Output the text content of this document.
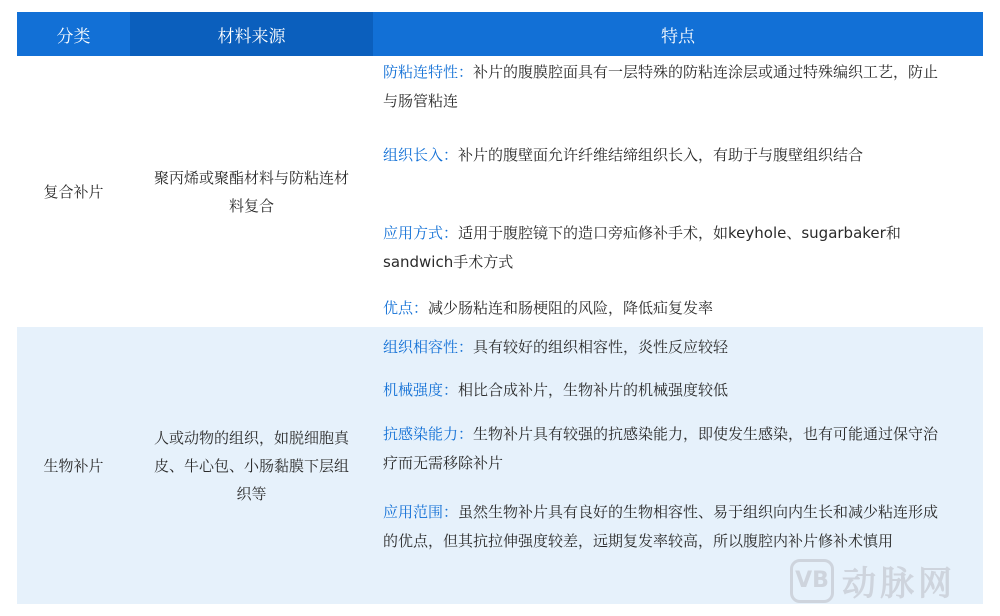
分类	材料来源	特点
复合补片
聚丙烯或聚酯材料与防粘连材料复合

防粘连特性：补片的腹膜腔面具有一层特殊的防粘连涂层或通过特殊编织工艺，防止与肠管粘连

组织长入：补片的腹壁面允许纤维结缔组织长入，有助于与腹壁组织结合

应用方式：适用于腹腔镜下的造口旁疝修补手术，如keyhole、sugarbaker和sandwich手术方式

优点：减少肠粘连和肠梗阻的风险，降低疝复发率

生物补片
人或动物的组织，如脱细胞真皮、牛心包、小肠黏膜下层组织等

组织相容性：具有较好的组织相容性，炎性反应较轻

机械强度：相比合成补片，生物补片的机械强度较低

抗感染能力：生物补片具有较强的抗感染能力，即使发生感染，也有可能通过保守治疗而无需移除补片

应用范围：虽然生物补片具有良好的生物相容性、易于组织向内生长和减少粘连形成的优点，但其抗拉伸强度较差，远期复发率较高，所以腹腔内补片修补术慎用

VB 动脉网
